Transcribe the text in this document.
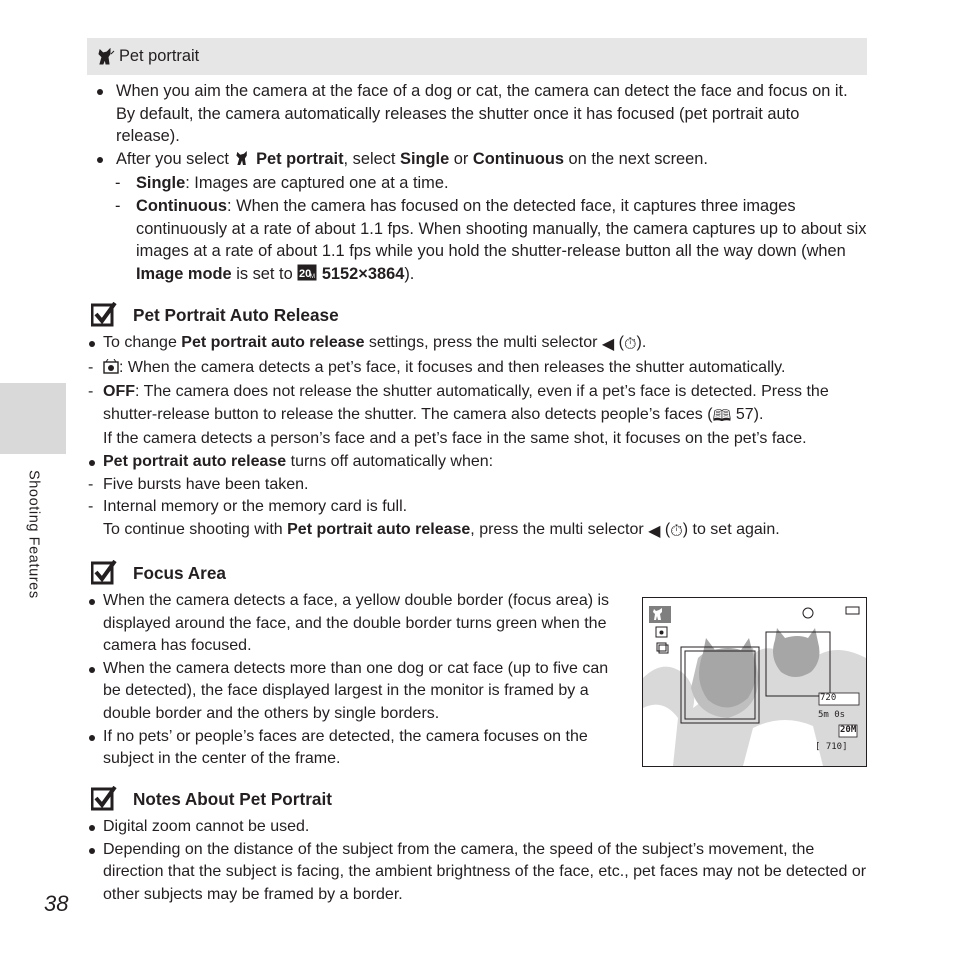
Shooting Features
38
Pet portrait
When you aim the camera at the face of a dog or cat, the camera can detect the face and focus on it. By default, the camera automatically releases the shutter once it has focused (pet portrait auto release).
After you select Pet portrait, select Single or Continuous on the next screen.
- Single: Images are captured one at a time.
- Continuous: When the camera has focused on the detected face, it captures three images continuously at a rate of about 1.1 fps. When shooting manually, the camera captures up to about six images at a rate of about 1.1 fps while you hold the shutter-release button all the way down (when Image mode is set to 20
M 5152×3864).
Pet Portrait Auto Release
To change Pet portrait auto release settings, press the multi selector ◀ (⏱).
- : When the camera detects a pet’s face, it focuses and then releases the shutter automatically.
- OFF: The camera does not release the shutter automatically, even if a pet’s face is detected. Press the shutter-release button to release the shutter. The camera also detects people’s faces (🕮 57).
If the camera detects a person’s face and a pet’s face in the same shot, it focuses on the pet’s face.
Pet portrait auto release turns off automatically when:
- Five bursts have been taken.
- Internal memory or the memory card is full.
To continue shooting with Pet portrait auto release, press the multi selector ◀ (⏱) to set again.
Focus Area
When the camera detects a face, a yellow double border (focus area) is displayed around the face, and the double border turns green when the camera has focused.
When the camera detects more than one dog or cat face (up to five can be detected), the face displayed largest in the monitor is framed by a double border and the others by single borders.
If no pets’ or people’s faces are detected, the camera focuses on the subject in the center of the frame.
720
5m 0s
20M
[ 710]
Notes About Pet Portrait
Digital zoom cannot be used.
Depending on the distance of the subject from the camera, the speed of the subject’s movement, the direction that the subject is facing, the ambient brightness of the face, etc., pet faces may not be detected or other subjects may be framed by a border.
